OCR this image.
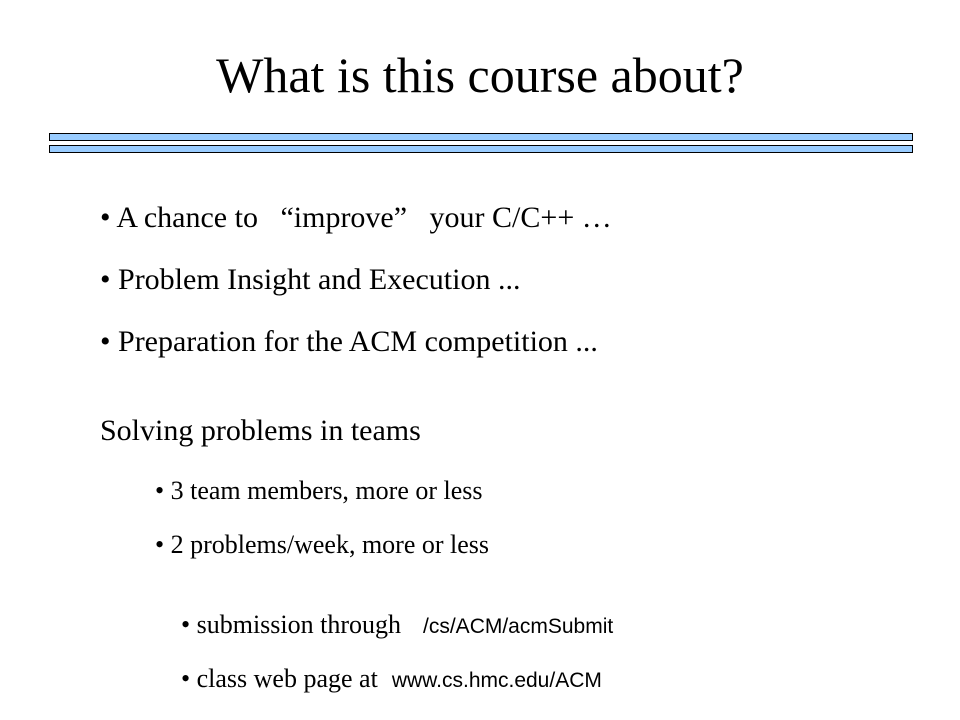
What is this course about?
• A chance to   “improve”   your C/C++ …
• Problem Insight and Execution ...
• Preparation for the ACM competition ...
Solving problems in teams
• 3 team members, more or less
• 2 problems/week, more or less

• submission through /cs/ACM/acmSubmit

• class web page at www.cs.hmc.edu/ACM
